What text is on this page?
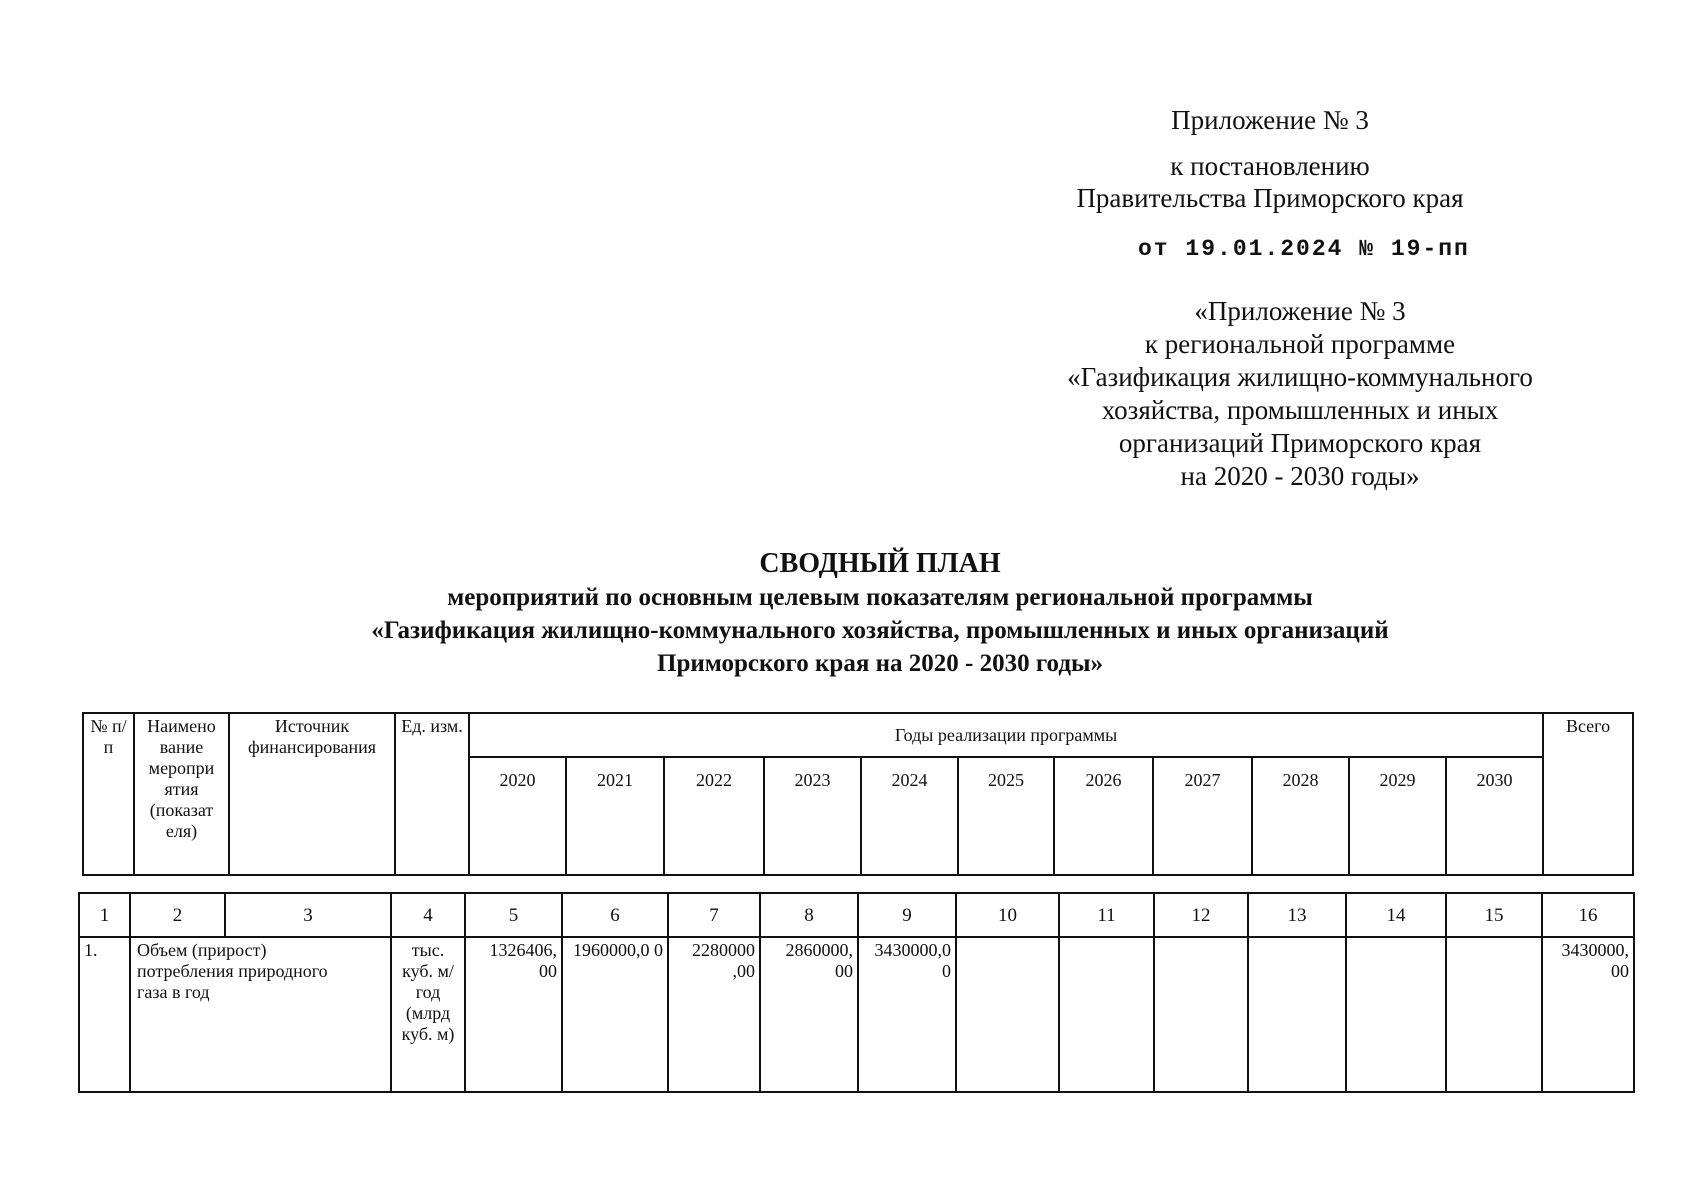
Приложение № 3
к постановлению
Правительства Приморского края
от 19.01.2024 № 19-пп
«Приложение № 3
к региональной программе
«Газификация жилищно-коммунального
хозяйства, промышленных и иных
организаций Приморского края
на 2020 - 2030 годы»
СВОДНЫЙ ПЛАН
мероприятий по основным целевым показателям региональной программы
«Газификация жилищно-коммунального хозяйства, промышленных и иных организаций
Приморского края на 2020 - 2030 годы»
№ п/п	Наимено вание меропри ятия (показат еля)	Источник финансирования	Ед. изм.	Годы реализации программы											Всего
				2020	2021	2022	2023	2024	2025	2026	2027	2028	2029	2030	
1	2	3	4	5	6	7	8	9	10	11	12	13	14	15	16
1.	Объем (прирост) потребления природного газа в год		тыс. куб. м/год (млрд куб. м)	1326406, 00	1960000,0 0	2280000 ,00	2860000, 00	3430000,0 0							3430000, 00
